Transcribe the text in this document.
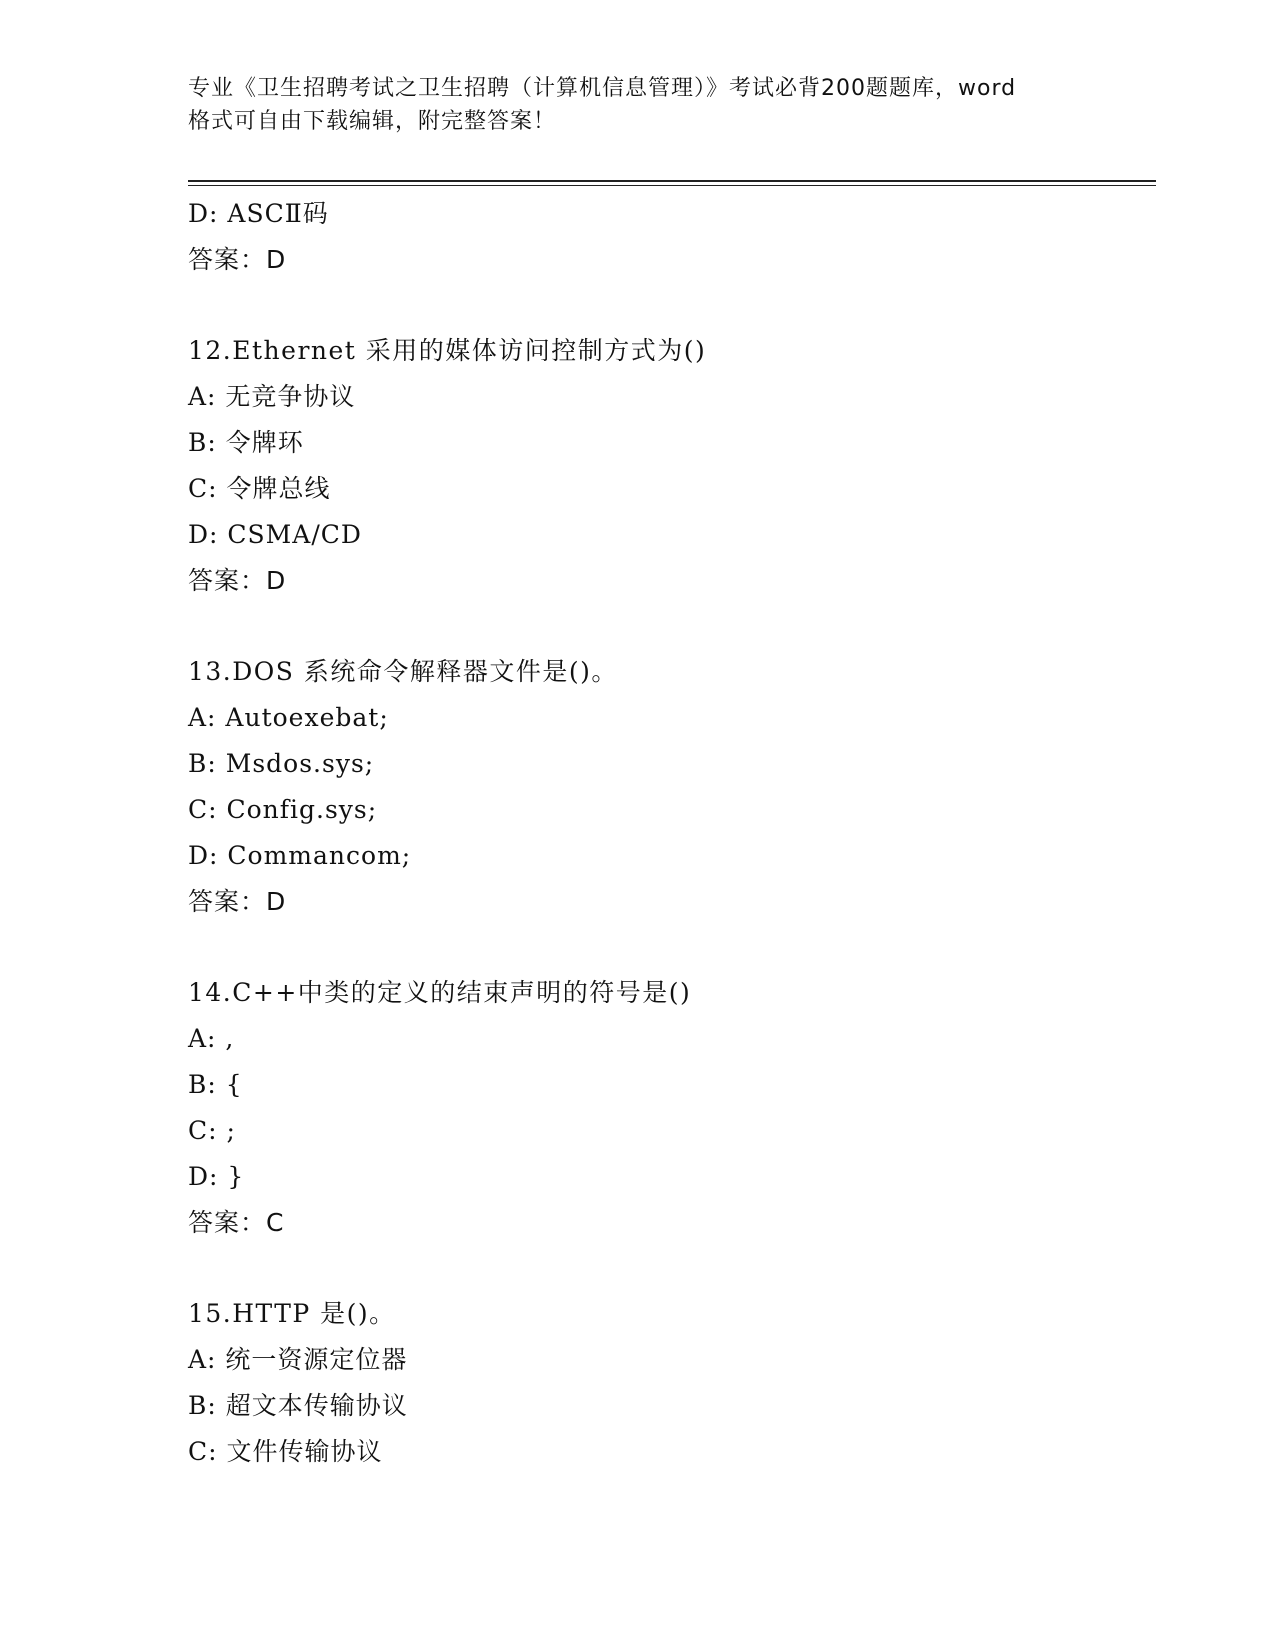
专业《卫生招聘考试之卫生招聘（计算机信息管理）》考试必背200题题库，word
格式可自由下载编辑，附完整答案！
D: ASCⅡ码
答案：D
12.Ethernet 采用的媒体访问控制方式为()
A: 无竞争协议
B: 令牌环
C: 令牌总线
D: CSMA/CD
答案：D
13.DOS 系统命令解释器文件是()。
A: Autoexebat;
B: Msdos.sys;
C: Config.sys;
D: Commancom;
答案：D
14.C++中类的定义的结束声明的符号是()
A: ,
B: {
C: ;
D: }
答案：C
15.HTTP 是()。
A: 统一资源定位器
B: 超文本传输协议
C: 文件传输协议
